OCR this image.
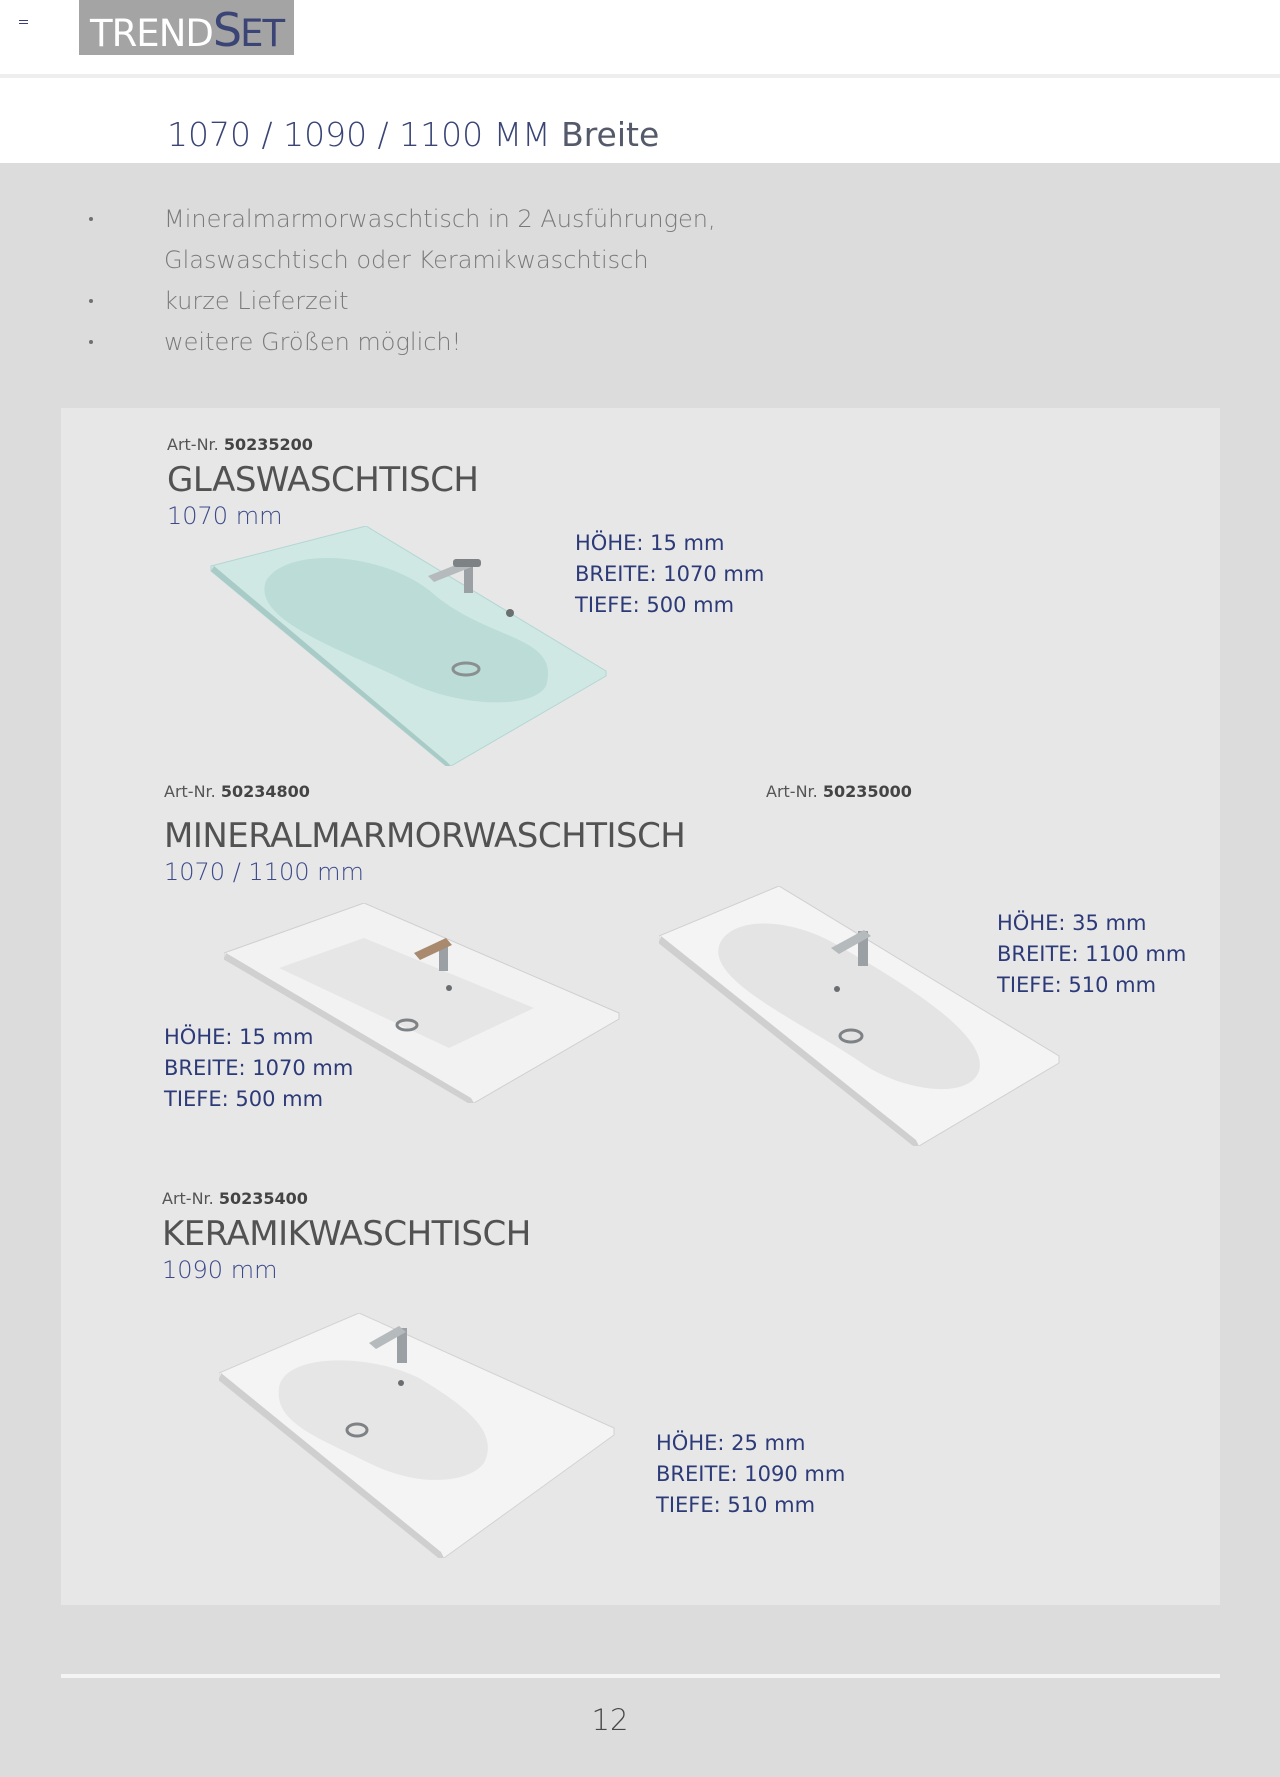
TRENDSET
1070 / 1090 / 1100 MM Breite
Mineralmarmorwaschtisch in 2 Ausführungen,
Glaswaschtisch oder Keramikwaschtisch
kurze Lieferzeit
weitere Größen möglich!
Art-Nr. 50235200
GLASWASCHTISCH
1070 mm
HÖHE: 15 mm
BREITE: 1070 mm
TIEFE: 500 mm
Art-Nr. 50234800
MINERALMARMORWASCHTISCH
1070 / 1100 mm
HÖHE: 15 mm
BREITE: 1070 mm
TIEFE: 500 mm
Art-Nr. 50235000
HÖHE: 35 mm
BREITE: 1100 mm
TIEFE: 510 mm
Art-Nr. 50235400
KERAMIKWASCHTISCH
1090 mm
HÖHE: 25 mm
BREITE: 1090 mm
TIEFE: 510 mm
12
